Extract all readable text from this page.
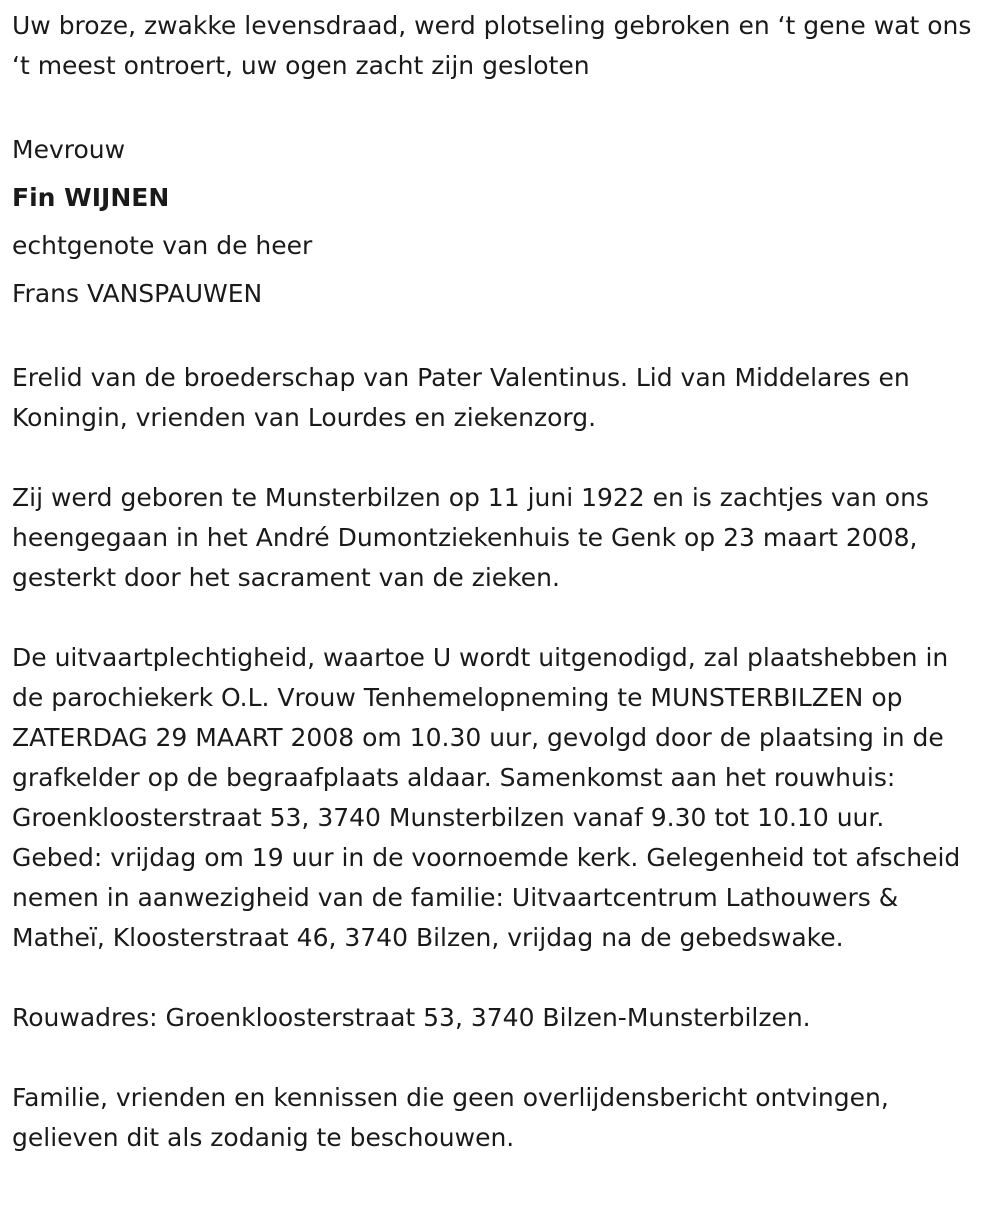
Uw broze, zwakke levensdraad, werd plotseling gebroken en ‘t gene wat ons ‘t meest ontroert, uw ogen zacht zijn gesloten

Mevrouw

Fin WIJNEN

echtgenote van de heer

Frans VANSPAUWEN

Erelid van de broederschap van Pater Valentinus. Lid van Middelares en Koningin, vrienden van Lourdes en ziekenzorg.

Zij werd geboren te Munsterbilzen op 11 juni 1922 en is zachtjes van ons heengegaan in het André Dumontziekenhuis te Genk op 23 maart 2008, gesterkt door het sacrament van de zieken.

De uitvaartplechtigheid, waartoe U wordt uitgenodigd, zal plaatshebben in de parochiekerk O.L. Vrouw Tenhemelopneming te MUNSTERBILZEN op ZATERDAG 29 MAART 2008 om 10.30 uur, gevolgd door de plaatsing in de grafkelder op de begraafplaats aldaar. Samenkomst aan het rouwhuis: Groenkloosterstraat 53, 3740 Munsterbilzen vanaf 9.30 tot 10.10 uur. Gebed: vrijdag om 19 uur in de voornoemde kerk. Gelegenheid tot afscheid nemen in aanwezigheid van de familie: Uitvaartcentrum Lathouwers & Matheï, Kloosterstraat 46, 3740 Bilzen, vrijdag na de gebedswake.

Rouwadres: Groenkloosterstraat 53, 3740 Bilzen-Munsterbilzen.

Familie, vrienden en kennissen die geen overlijdensbericht ontvingen, gelieven dit als zodanig te beschouwen.
